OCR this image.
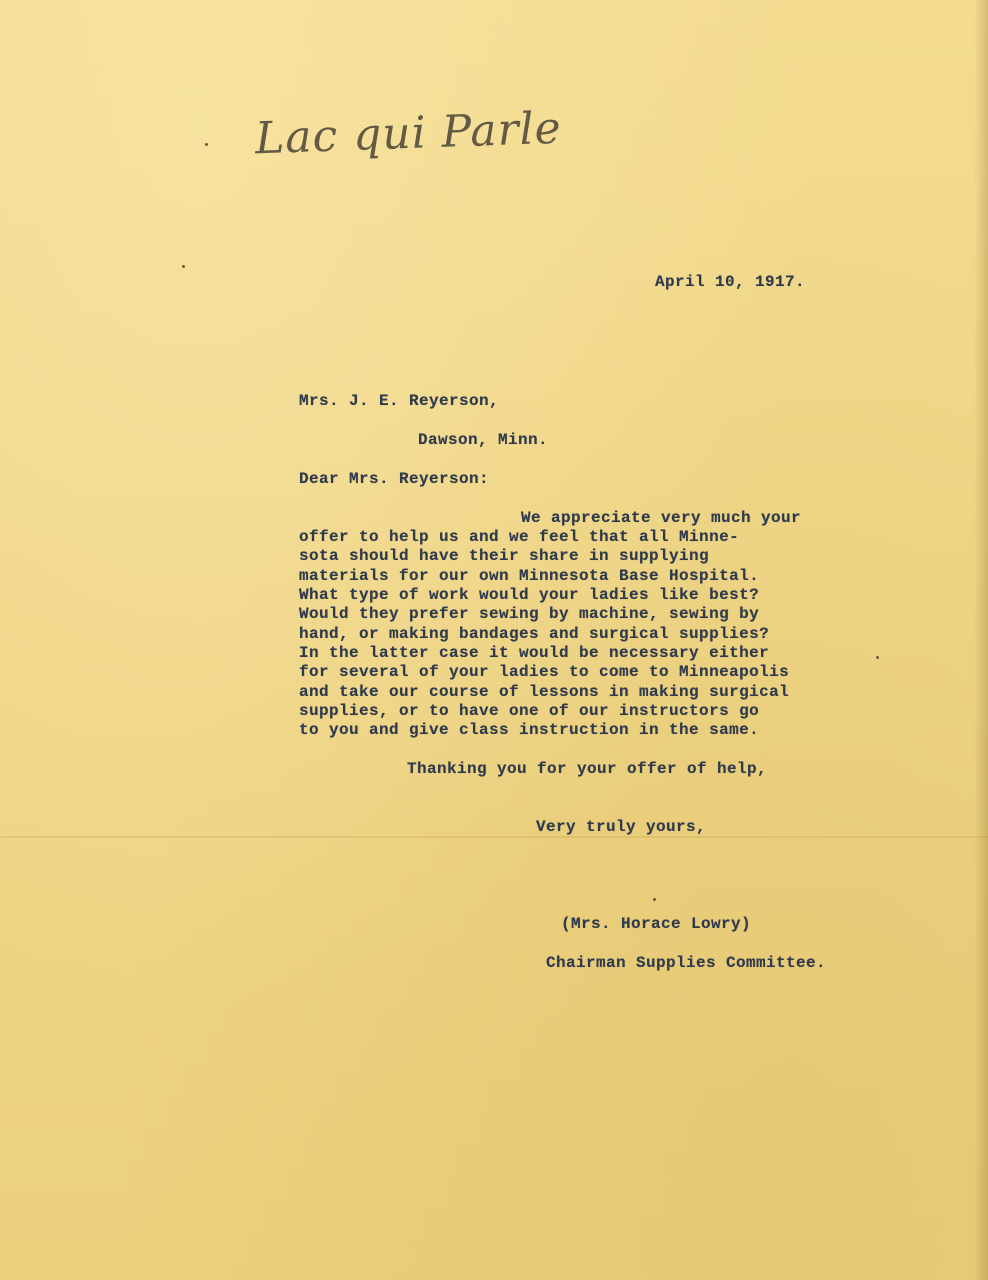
Lac qui Parle
April 10, 1917.
Mrs. J. E. Reyerson,
Dawson, Minn.
Dear Mrs. Reyerson:
We appreciate very much your
offer to help us and we feel that all Minne-
sota should have their share in supplying
materials for our own Minnesota Base Hospital.
What type of work would your ladies like best?
Would they prefer sewing by machine, sewing by
hand, or making bandages and surgical supplies?
In the latter case it would be necessary either
for several of your ladies to come to Minneapolis
and take our course of lessons in making surgical
supplies, or to have one of our instructors go
to you and give class instruction in the same.
Thanking you for your offer of help,
Very truly yours,
(Mrs. Horace Lowry)
Chairman Supplies Committee.
